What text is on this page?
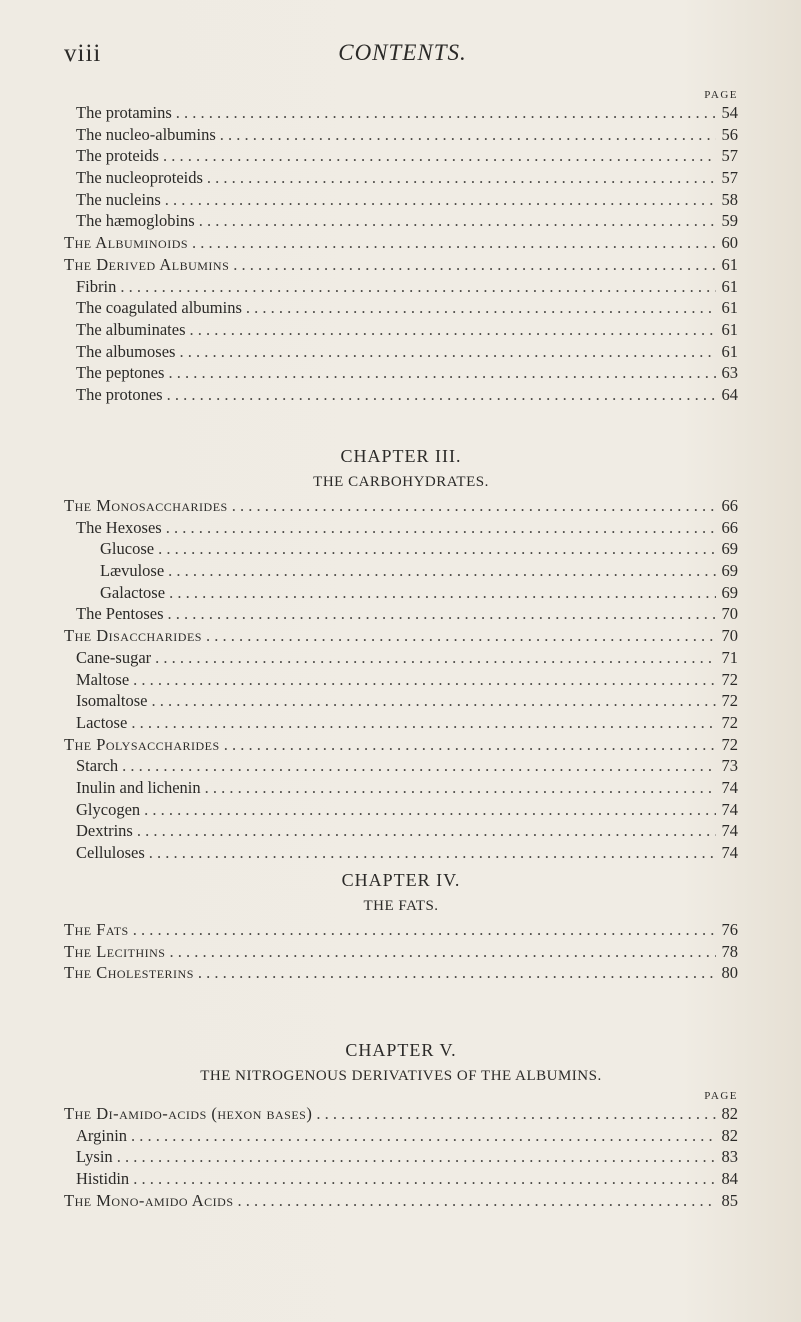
viii	CONTENTS.
PAGE
The protamins . . .	54
The nucleo-albumins . . .	56
The proteids . . .	57
The nucleoproteids . . .	57
The nucleins . . .	58
The hæmoglobins . . .	59
The Albuminoids . . .	60
The Derived Albumins . . .	61
Fibrin . . .	61
The coagulated albumins . . .	61
The albuminates . . .	61
The albumoses . . .	61
The peptones . . .	63
The protones . . .	64
CHAPTER III.
THE CARBOHYDRATES.
The Monosaccharides . . .	66
The Hexoses . . .	66
Glucose . . .	69
Lævulose . . .	69
Galactose . . .	69
The Pentoses . . .	70
The Disaccharides . . .	70
Cane-sugar . . .	71
Maltose . . .	72
Isomaltose . . .	72
Lactose . . .	72
The Polysaccharides . . .	72
Starch . . .	73
Inulin and lichenin . . .	74
Glycogen . . .	74
Dextrins . . .	74
Celluloses . . .	74
CHAPTER IV.
THE FATS.
The Fats . . .	76
The Lecithins . . .	78
The Cholesterins . . .	80
CHAPTER V.
THE NITROGENOUS DERIVATIVES OF THE ALBUMINS.
PAGE
The Di-amido-acids (hexon bases) . . .	82
Arginin . . .	82
Lysin . . .	83
Histidin . . .	84
The Mono-amido Acids . . .	85
